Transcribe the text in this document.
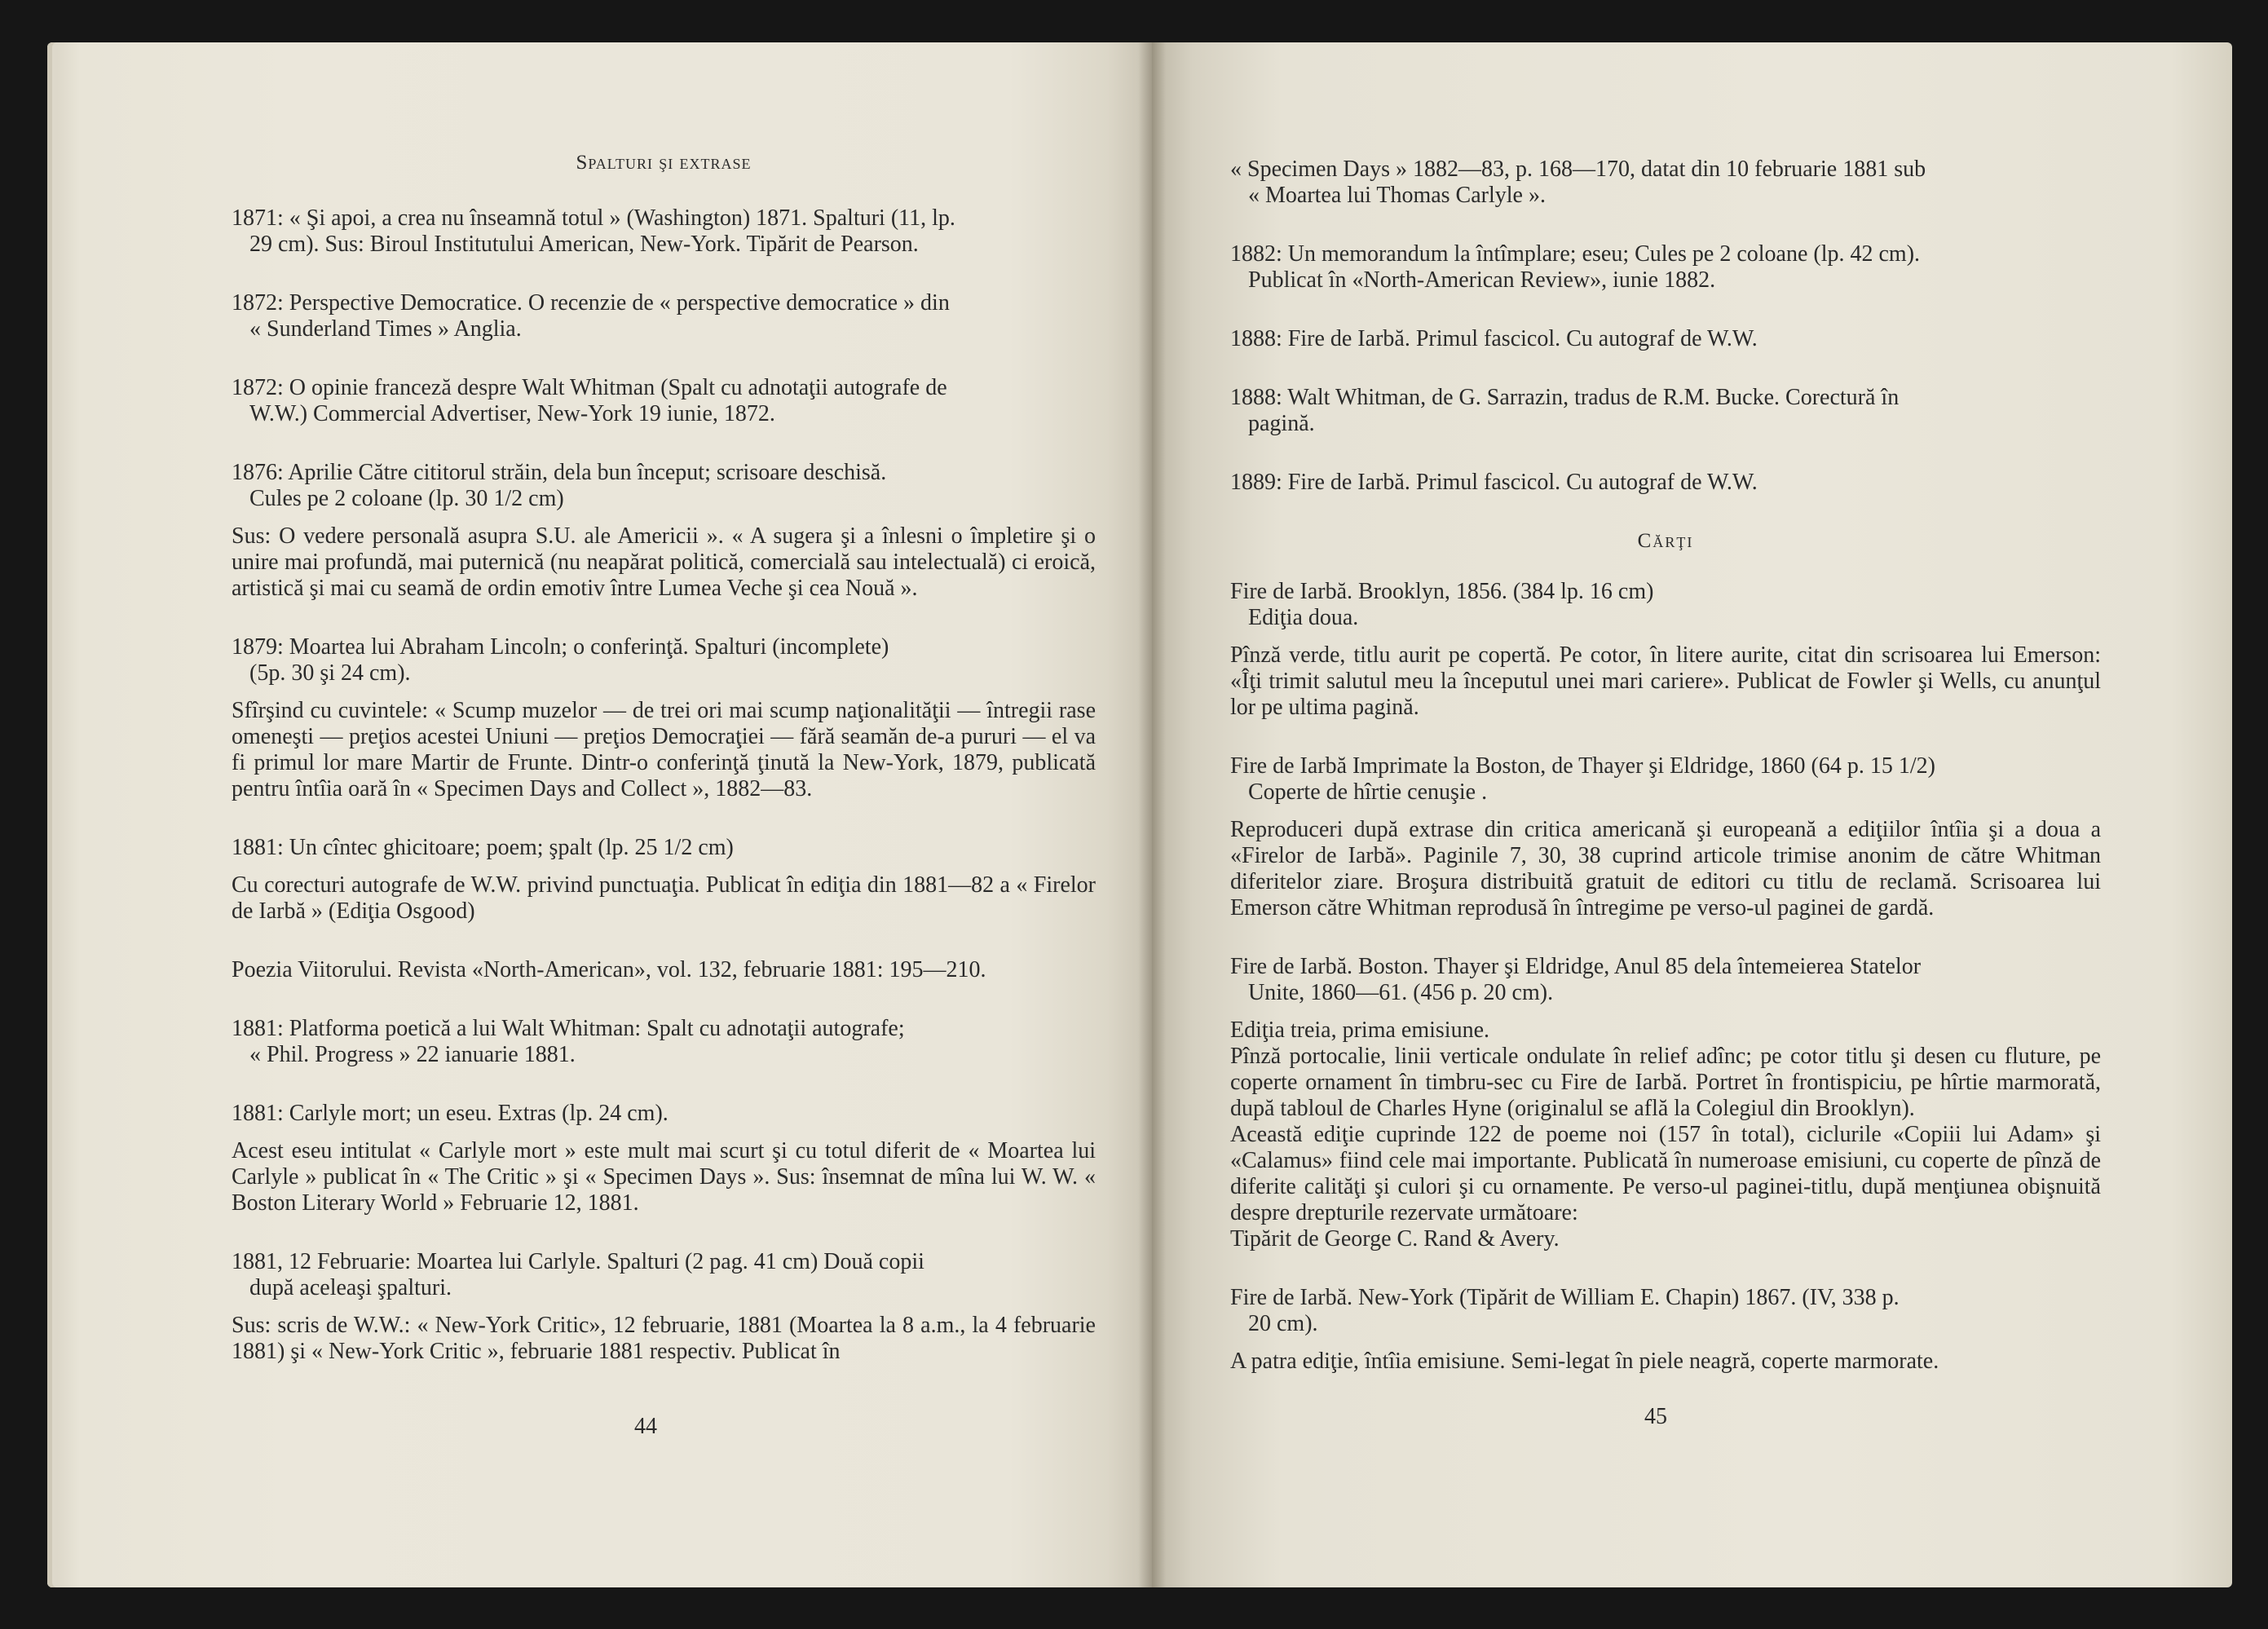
Spalturi şi extrase

1871: « Şi apoi, a crea nu înseamnă totul » (Washington) 1871. Spalturi (11, lp.

29 cm). Sus: Biroul Institutului American, New-York. Tipărit de Pearson.

1872: Perspective Democratice. O recenzie de « perspective democratice » din

« Sunderland Times » Anglia.

1872: O opinie franceză despre Walt Whitman (Spalt cu adnotaţii autografe de

W.W.) Commercial Advertiser, New-York 19 iunie, 1872.

1876: Aprilie Către cititorul străin, dela bun început; scrisoare deschisă.

Cules pe 2 coloane (lp. 30 1/2 cm)

Sus: O vedere personală asupra S.U. ale Americii ». « A sugera şi a înlesni o împletire şi o unire mai profundă, mai puternică (nu neapărat politică, comercială sau intelectuală) ci eroică, artistică şi mai cu seamă de ordin emotiv între Lumea Veche şi cea Nouă ».

1879: Moartea lui Abraham Lincoln; o conferinţă. Spalturi (incomplete)

(5p. 30 şi 24 cm).

Sfîrşind cu cuvintele: « Scump muzelor — de trei ori mai scump naţionalităţii — întregii rase omeneşti — preţios acestei Uniuni — preţios Democraţiei — fără seamăn de-a pururi — el va fi primul lor mare Martir de Frunte. Dintr-o conferinţă ţinută la New-York, 1879, publicată pentru întîia oară în « Specimen Days and Collect », 1882—83.

1881: Un cîntec ghicitoare; poem; şpalt (lp. 25 1/2 cm)

Cu corecturi autografe de W.W. privind punctuaţia. Publicat în ediţia din 1881—82 a « Firelor de Iarbă » (Ediţia Osgood)

Poezia Viitorului. Revista «North-American», vol. 132, februarie 1881: 195—210.

1881: Platforma poetică a lui Walt Whitman: Spalt cu adnotaţii autografe;

« Phil. Progress » 22 ianuarie 1881.

1881: Carlyle mort; un eseu. Extras (lp. 24 cm).

Acest eseu intitulat « Carlyle mort » este mult mai scurt şi cu totul diferit de « Moartea lui Carlyle » publicat în « The Critic » şi « Specimen Days ». Sus: însemnat de mîna lui W. W. « Boston Literary World » Februarie 12, 1881.

1881, 12 Februarie: Moartea lui Carlyle. Spalturi (2 pag. 41 cm) Două copii

după aceleaşi şpalturi.

Sus: scris de W.W.: « New-York Critic», 12 februarie, 1881 (Moartea la 8 a.m., la 4 februarie 1881) şi « New-York Critic », februarie 1881 respectiv. Publicat în

44

« Specimen Days » 1882—83, p. 168—170, datat din 10 februarie 1881 sub

« Moartea lui Thomas Carlyle ».

1882: Un memorandum la întîmplare; eseu; Cules pe 2 coloane (lp. 42 cm).

Publicat în «North-American Review», iunie 1882.

1888: Fire de Iarbă. Primul fascicol. Cu autograf de W.W.

1888: Walt Whitman, de G. Sarrazin, tradus de R.M. Bucke. Corectură în

pagină.

1889: Fire de Iarbă. Primul fascicol. Cu autograf de W.W.

Cărţi

Fire de Iarbă. Brooklyn, 1856. (384 lp. 16 cm)

Ediţia doua.

Pînză verde, titlu aurit pe copertă. Pe cotor, în litere aurite, citat din scrisoarea lui Emerson: «Îţi trimit salutul meu la începutul unei mari cariere». Publicat de Fowler şi Wells, cu anunţul lor pe ultima pagină.

Fire de Iarbă Imprimate la Boston, de Thayer şi Eldridge, 1860 (64 p. 15 1/2)

Coperte de hîrtie cenuşie .

Reproduceri după extrase din critica americană şi europeană a ediţiilor întîia şi a doua a «Firelor de Iarbă». Paginile 7, 30, 38 cuprind articole trimise anonim de către Whitman diferitelor ziare. Broşura distribuită gratuit de editori cu titlu de reclamă. Scrisoarea lui Emerson către Whitman reprodusă în întregime pe verso-ul paginei de gardă.

Fire de Iarbă. Boston. Thayer şi Eldridge, Anul 85 dela întemeierea Statelor

Unite, 1860—61. (456 p. 20 cm).

Ediţia treia, prima emisiune.

Pînză portocalie, linii verticale ondulate în relief adînc; pe cotor titlu şi desen cu fluture, pe coperte ornament în timbru-sec cu Fire de Iarbă. Portret în frontispiciu, pe hîrtie marmorată, după tabloul de Charles Hyne (originalul se află la Colegiul din Brooklyn).

Această ediţie cuprinde 122 de poeme noi (157 în total), ciclurile «Copiii lui Adam» şi «Calamus» fiind cele mai importante. Publicată în numeroase emisiuni, cu coperte de pînză de diferite calităţi şi culori şi cu ornamente. Pe verso-ul paginei-titlu, după menţiunea obişnuită despre drepturile rezervate următoare:

Tipărit de George C. Rand & Avery.

Fire de Iarbă. New-York (Tipărit de William E. Chapin) 1867. (IV, 338 p.

20 cm).

A patra ediţie, întîia emisiune. Semi-legat în piele neagră, coperte marmorate.

45
